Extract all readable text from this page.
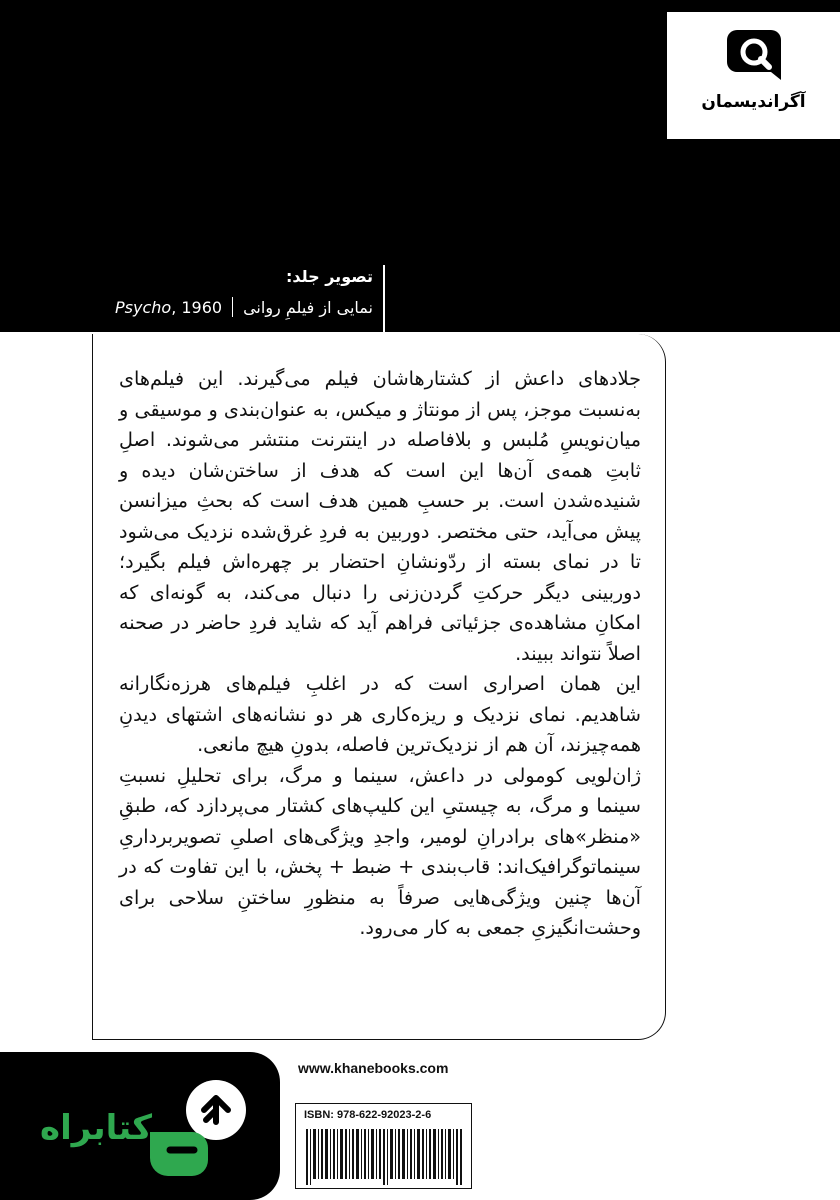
آگراندیسمان
تصویر جلد:
نمایی از فیلمِ روانی
Psycho, 1960

جلادهای داعش از کشتارهاشان فیلم می‌گیرند. این فیلم‌های به‌نسبت موجز، پس از مونتاژ و میکس، به عنوان‌بندی و موسیقی و میان‌نویسِ مُلبس و بلافاصله در اینترنت منتشر می‌شوند. اصلِ ثابتِ همه‌ی آن‌ها این است که هدف از ساختن‌شان دیده و شنیده‌شدن است. بر حسبِ همین هدف است که بحثِ میزانسن پیش می‌آید، حتی مختصر. دوربین به فردِ غرق‌شده نزدیک می‌شود تا در نمای بسته از ردّونشانِ احتضار بر چهره‌اش فیلم بگیرد؛ دوربینی دیگر حرکتِ گردن‌زنی را دنبال می‌کند، به گونه‌ای که امکانِ مشاهده‌ی جزئیاتی فراهم آید که شاید فردِ حاضر در صحنه اصلاً نتواند ببیند.

این همان اصراری است که در اغلبِ فیلم‌های هرزه‌نگارانه شاهدیم. نمای نزدیک و ریزه‌کاری هر دو نشانه‌های اشتهای دیدنِ همه‌چیزند، آن هم از نزدیک‌ترین فاصله، بدونِ هیچ مانعی.

ژان‌لویی کومولی در داعش، سینما و مرگ، برای تحلیلِ نسبتِ سینما و مرگ، به چیستیِ این کلیپ‌های کشتار می‌پردازد که، طبقِ «منظر»های برادرانِ لومیر، واجدِ ویژگی‌های اصلیِ تصویربرداریِ سینماتوگرافیک‌اند: قاب‌بندی + ضبط + پخش، با این تفاوت که در آن‌ها چنین ویژگی‌هایی صرفاً به منظورِ ساختنِ سلاحی برای وحشت‌انگیزیِ جمعی به کار می‌رود.

کتابراه
www.khanebooks.com
ISBN: 978-622-92023-2-6
